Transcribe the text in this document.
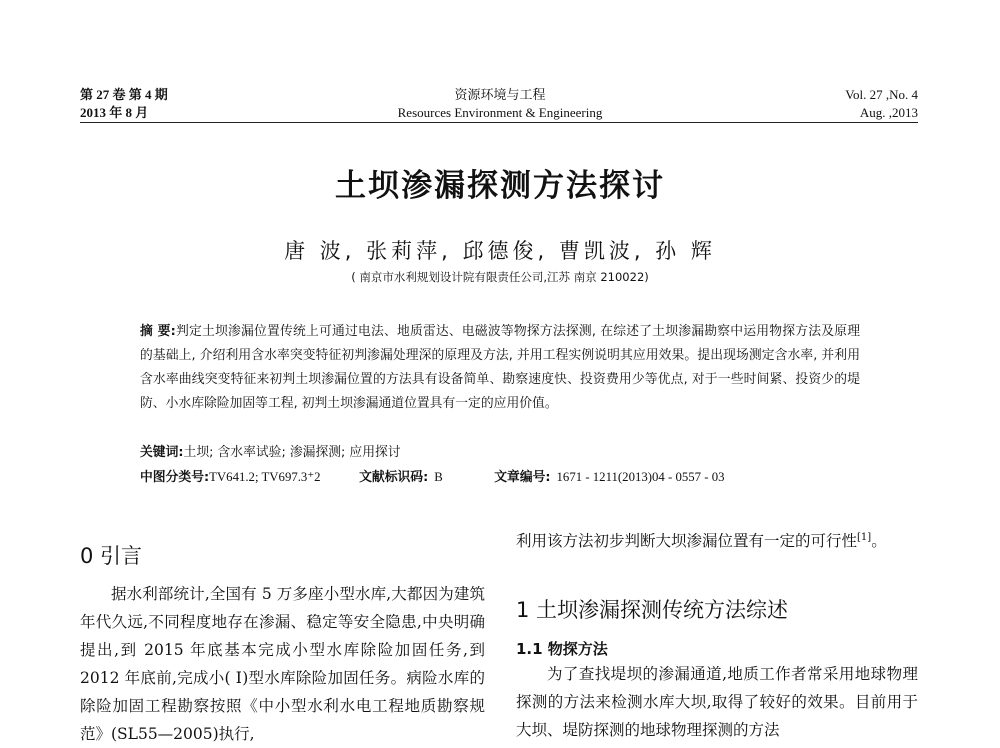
第 27 卷 第 4 期
2013 年 8 月
资源环境与工程
Resources Environment & Engineering
Vol. 27 ,No. 4
Aug. ,2013
土坝渗漏探测方法探讨
唐 波, 张莉萍, 邱德俊, 曹凯波, 孙 辉
( 南京市水利规划设计院有限责任公司,江苏 南京 210022)
摘 要:判定土坝渗漏位置传统上可通过电法、地质雷达、电磁波等物探方法探测, 在综述了土坝渗漏勘察中运用物探方法及原理的基础上, 介绍利用含水率突变特征初判渗漏处理深的原理及方法, 并用工程实例说明其应用效果。提出现场测定含水率, 并利用含水率曲线突变特征来初判土坝渗漏位置的方法具有设备简单、勘察速度快、投资费用少等优点, 对于一些时间紧、投资少的堤防、小水库除险加固等工程, 初判土坝渗漏通道位置具有一定的应用价值。
关键词:土坝; 含水率试验; 渗漏探测; 应用探讨
中图分类号:TV641.2; TV697.3⁺2	文献标识码: B	文章编号: 1671 - 1211(2013)04 - 0557 - 03
0 引言
据水利部统计,全国有 5 万多座小型水库,大都因为建筑年代久远,不同程度地存在渗漏、稳定等安全隐患,中央明确提出,到 2015 年底基本完成小型水库除险加固任务,到 2012 年底前,完成小( Ⅰ)型水库除险加固任务。病险水库的除险加固工程勘察按照《中小型水利水电工程地质勘察规范》(SL55—2005)执行,
利用该方法初步判断大坝渗漏位置有一定的可行性[1]。
1 土坝渗漏探测传统方法综述
1.1 物探方法
为了查找堤坝的渗漏通道,地质工作者常采用地球物理探测的方法来检测水库大坝,取得了较好的效果。目前用于大坝、堤防探测的地球物理探测的方法
